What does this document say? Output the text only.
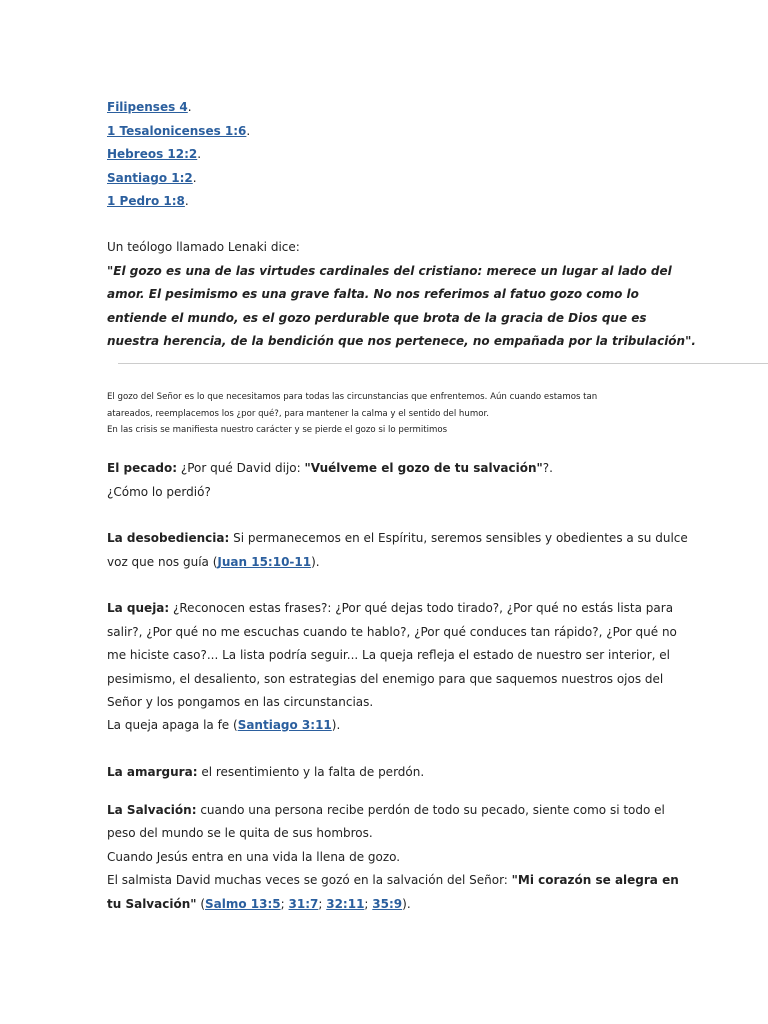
Filipenses 4.
1 Tesalonicenses 1:6.
Hebreos 12:2.
Santiago 1:2.
1 Pedro 1:8.
Un teólogo llamado Lenaki dice:
"El gozo es una de las virtudes cardinales del cristiano: merece un lugar al lado del
amor. El pesimismo es una grave falta. No nos referimos al fatuo gozo como lo
entiende el mundo, es el gozo perdurable que brota de la gracia de Dios que es
nuestra herencia, de la bendición que nos pertenece, no empañada por la tribulación".
El gozo del Señor es lo que necesitamos para todas las circunstancias que enfrentemos. Aún cuando estamos tan
atareados, reemplacemos los ¿por qué?, para mantener la calma y el sentido del humor.
En las crisis se manifiesta nuestro carácter y se pierde el gozo si lo permitimos
El pecado: ¿Por qué David dijo: "Vuélveme el gozo de tu salvación"?.
¿Cómo lo perdió?
La desobediencia: Si permanecemos en el Espíritu, seremos sensibles y obedientes a su dulce
voz que nos guía (Juan 15:10-11).
La queja: ¿Reconocen estas frases?: ¿Por qué dejas todo tirado?, ¿Por qué no estás lista para
salir?, ¿Por qué no me escuchas cuando te hablo?, ¿Por qué conduces tan rápido?, ¿Por qué no
me hiciste caso?... La lista podría seguir... La queja refleja el estado de nuestro ser interior, el
pesimismo, el desaliento, son estrategias del enemigo para que saquemos nuestros ojos del
Señor y los pongamos en las circunstancias.
La queja apaga la fe (Santiago 3:11).
La amargura: el resentimiento y la falta de perdón.
La Salvación: cuando una persona recibe perdón de todo su pecado, siente como si todo el
peso del mundo se le quita de sus hombros.
Cuando Jesús entra en una vida la llena de gozo.
El salmista David muchas veces se gozó en la salvación del Señor: "Mi corazón se alegra en
tu Salvación" (Salmo 13:5; 31:7; 32:11; 35:9).
